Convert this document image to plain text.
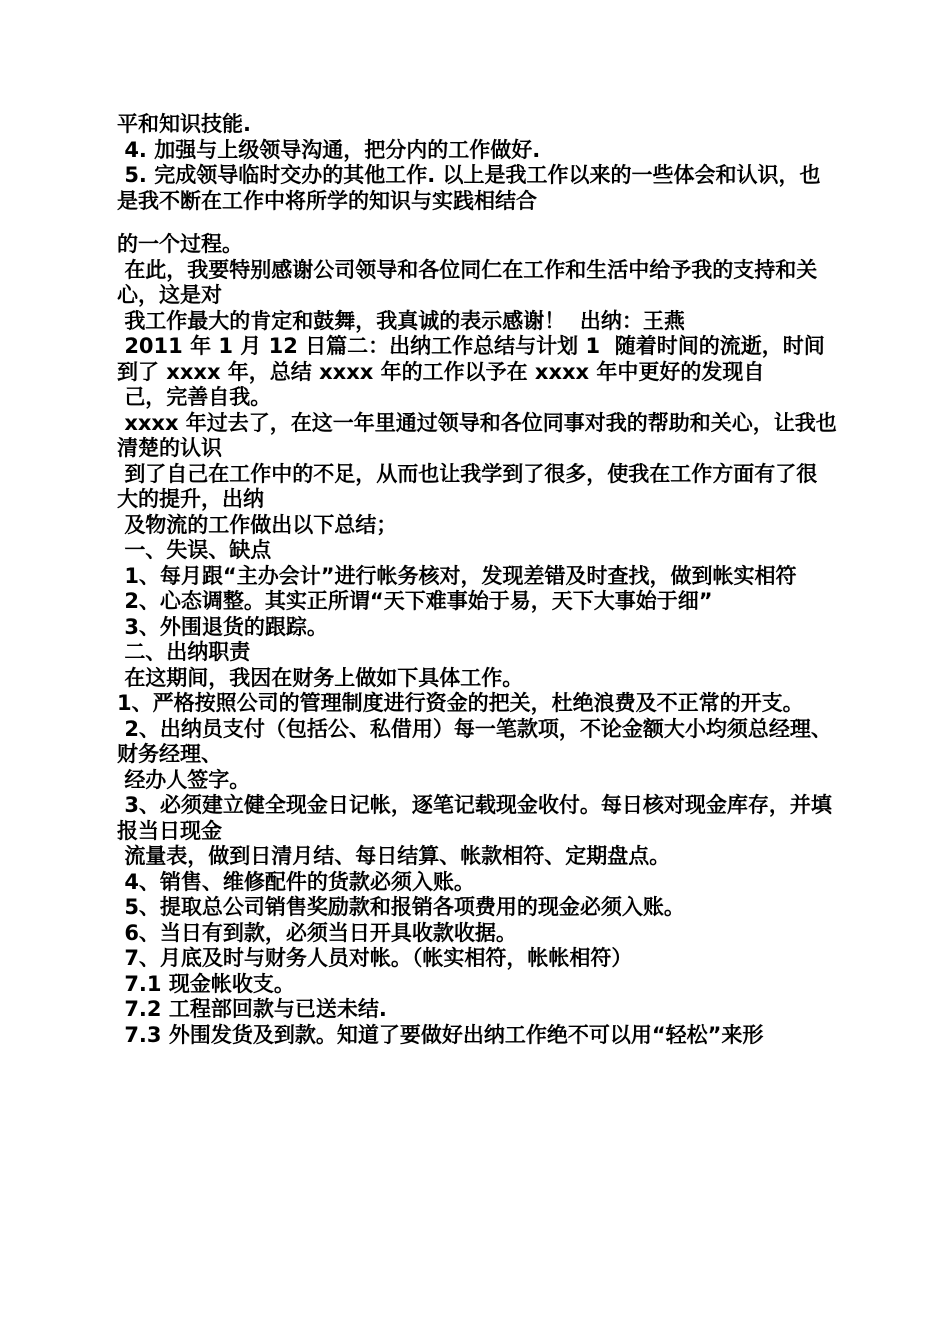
平和知识技能.

4. 加强与上级领导沟通，把分内的工作做好.

5. 完成领导临时交办的其他工作. 以上是我工作以来的一些体会和认识，也是我不断在工作中将所学的知识与实践相结合

的一个过程。

在此，我要特别感谢公司领导和各位同仁在工作和生活中给予我的支持和关心，这是对

我工作最大的肯定和鼓舞，我真诚的表示感谢！  出纳：王燕

2011 年 1 月 12 日篇二：出纳工作总结与计划 1  随着时间的流逝，时间到了 xxxx 年，总结 xxxx 年的工作以予在 xxxx 年中更好的发现自

己，完善自我。

xxxx 年过去了，在这一年里通过领导和各位同事对我的帮助和关心，让我也清楚的认识

到了自己在工作中的不足，从而也让我学到了很多，使我在工作方面有了很大的提升，出纳

及物流的工作做出以下总结；

一、失误、缺点

1、每月跟“主办会计”进行帐务核对，发现差错及时查找，做到帐实相符

2、心态调整。其实正所谓“天下难事始于易，天下大事始于细”

3、外围退货的跟踪。

二、出纳职责

在这期间，我因在财务上做如下具体工作。

1、严格按照公司的管理制度进行资金的把关，杜绝浪费及不正常的开支。

2、出纳员支付（包括公、私借用）每一笔款项，不论金额大小均须总经理、财务经理、

经办人签字。

3、必须建立健全现金日记帐，逐笔记载现金收付。每日核对现金库存，并填报当日现金

流量表，做到日清月结、每日结算、帐款相符、定期盘点。

4、销售、维修配件的货款必须入账。

5、提取总公司销售奖励款和报销各项费用的现金必须入账。

6、当日有到款，必须当日开具收款收据。

7、月底及时与财务人员对帐。（帐实相符，帐帐相符）

7.1 现金帐收支。

7.2 工程部回款与已送未结.

7.3 外围发货及到款。知道了要做好出纳工作绝不可以用“轻松”来形
